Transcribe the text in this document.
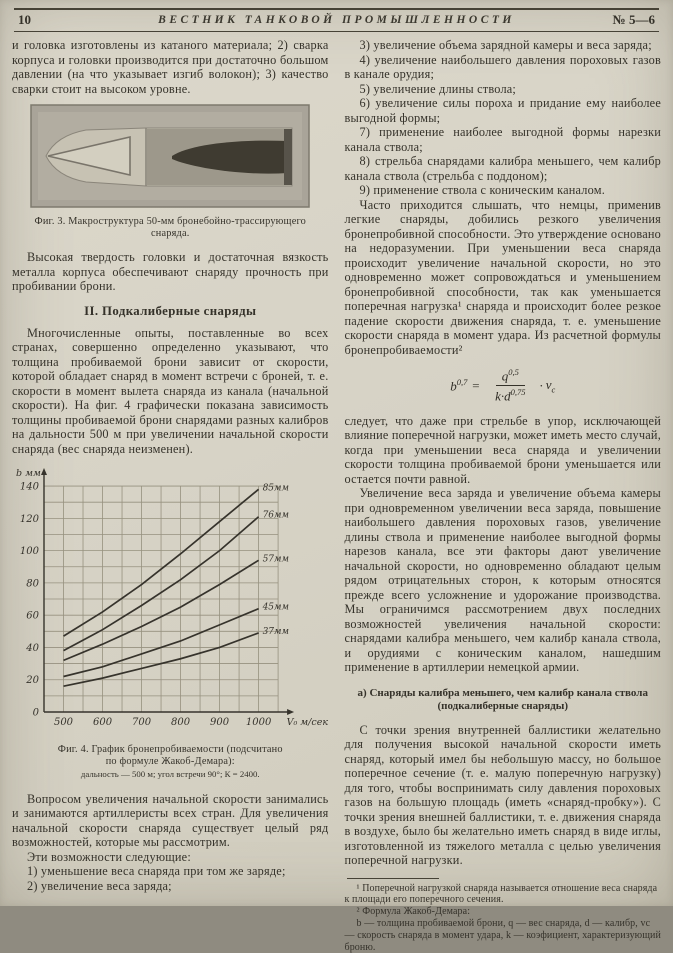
10	ВЕСТНИК ТАНКОВОЙ ПРОМЫШЛЕННОСТИ	№ 5—6

и головка изготовлены из катаного материала; 2) сварка корпуса и головки производится при достаточно большом давлении (на что указывает изгиб волокон); 3) качество сварки стоит на высоком уровне.

Фиг. 3. Макроструктура 50-мм бронебойно-трассирующего
снаряда.

Высокая твердость головки и достаточная вязкость металла корпуса обеспечивают снаряду прочность при пробивании брони.

II. Подкалиберные снаряды

Многочисленные опыты, поставленные во всех странах, совершенно определенно указывают, что толщина пробиваемой брони зависит от скорости, которой обладает снаряд в момент встречи с броней, т. е. скорости в момент вылета снаряда из канала (начальной скорости). На фиг. 4 графически показана зависимость толщины пробиваемой брони снарядами разных калибров на дальности 500 м при увеличении начальной скорости снаряда (вес снаряда неизменен).

0
20
40
60
80
100
120
140
500 600 700 800 900 1000
b мм
V₀ м/сек
85мм
76мм
57мм
45мм
37мм
Фиг. 4. График бронепробиваемости (подсчитано
по формуле Жакоб-Демара):
дальность — 500 м; угол встречи 90°; К = 2400.

Вопросом увеличения начальной скорости занимались и занимаются артиллеристы всех стран. Для увеличения начальной скорости снаряда существует целый ряд возможностей, которые мы рассмотрим.

Эти возможности следующие:

1) уменьшение веса снаряда при том же заряде;

2) увеличение веса заряда;

3) увеличение объема зарядной камеры и веса заряда;

4) увеличение наибольшего давления пороховых газов в канале орудия;

5) увеличение длины ствола;

6) увеличение силы пороха и придание ему наиболее выгодной формы;

7) применение наиболее выгодной формы нарезки канала ствола;

8) стрельба снарядами калибра меньшего, чем калибр канала ствола (стрельба с поддоном);

9) применение ствола с коническим каналом.

Часто приходится слышать, что немцы, применив легкие снаряды, добились резкого увеличения бронепробивной способности. Это утверждение основано на недоразумении. При уменьшении веса снаряда происходит увеличение начальной скорости, но это одновременно может сопровождаться и уменьшением бронепробивной способности, так как уменьшается поперечная нагрузка¹ снаряда и происходит более резкое падение скорости движения снаряда, т. е. уменьшение скорости снаряда в момент удара. Из расчетной формулы бронепробиваемости²

$b^{0,7} = \frac{q^{0,5}}{k\cdot d^{0,75}} \cdot v_c$

следует, что даже при стрельбе в упор, исключающей влияние поперечной нагрузки, может иметь место случай, когда при уменьшении веса снаряда и увеличении скорости толщина пробиваемой брони уменьшается или остается почти равной.

Увеличение веса заряда и увеличение объема камеры при одновременном увеличении веса заряда, повышение наибольшего давления пороховых газов, увеличение длины ствола и применение наиболее выгодной формы нарезов канала, все эти факторы дают увеличение начальной скорости, но одновременно обладают целым рядом отрицательных сторон, к которым относятся прежде всего усложнение и удорожание производства. Мы ограничимся рассмотрением двух последних возможностей увеличения начальной скорости: снарядами калибра меньшего, чем калибр канала ствола, и орудиями с коническим каналом, нашедшим применение в артиллерии немецкой армии.

а) Снаряды калибра меньшего, чем калибр канала ствола
(подкалиберные снаряды)

С точки зрения внутренней баллистики желательно для получения высокой начальной скорости иметь снаряд, который имел бы небольшую массу, но большое поперечное сечение (т. е. малую поперечную нагрузку) для того, чтобы воспринимать силу давления пороховых газов на большую площадь (иметь «снаряд-пробку»). С точки зрения внешней баллистики, т. е. движения снаряда в воздухе, было бы желательно иметь снаряд в виде иглы, изготовленной из тяжелого металла с целью увеличения поперечной нагрузки.

¹ Поперечной нагрузкой снаряда называется отношение веса снаряда к площади его поперечного сечения.
² Формула Жакоб-Демара:
b — толщина пробиваемой брони, q — вес снаряда, d — калибр, vc — скорость снаряда в момент удара, k — коэфициент, характеризующий броню.
